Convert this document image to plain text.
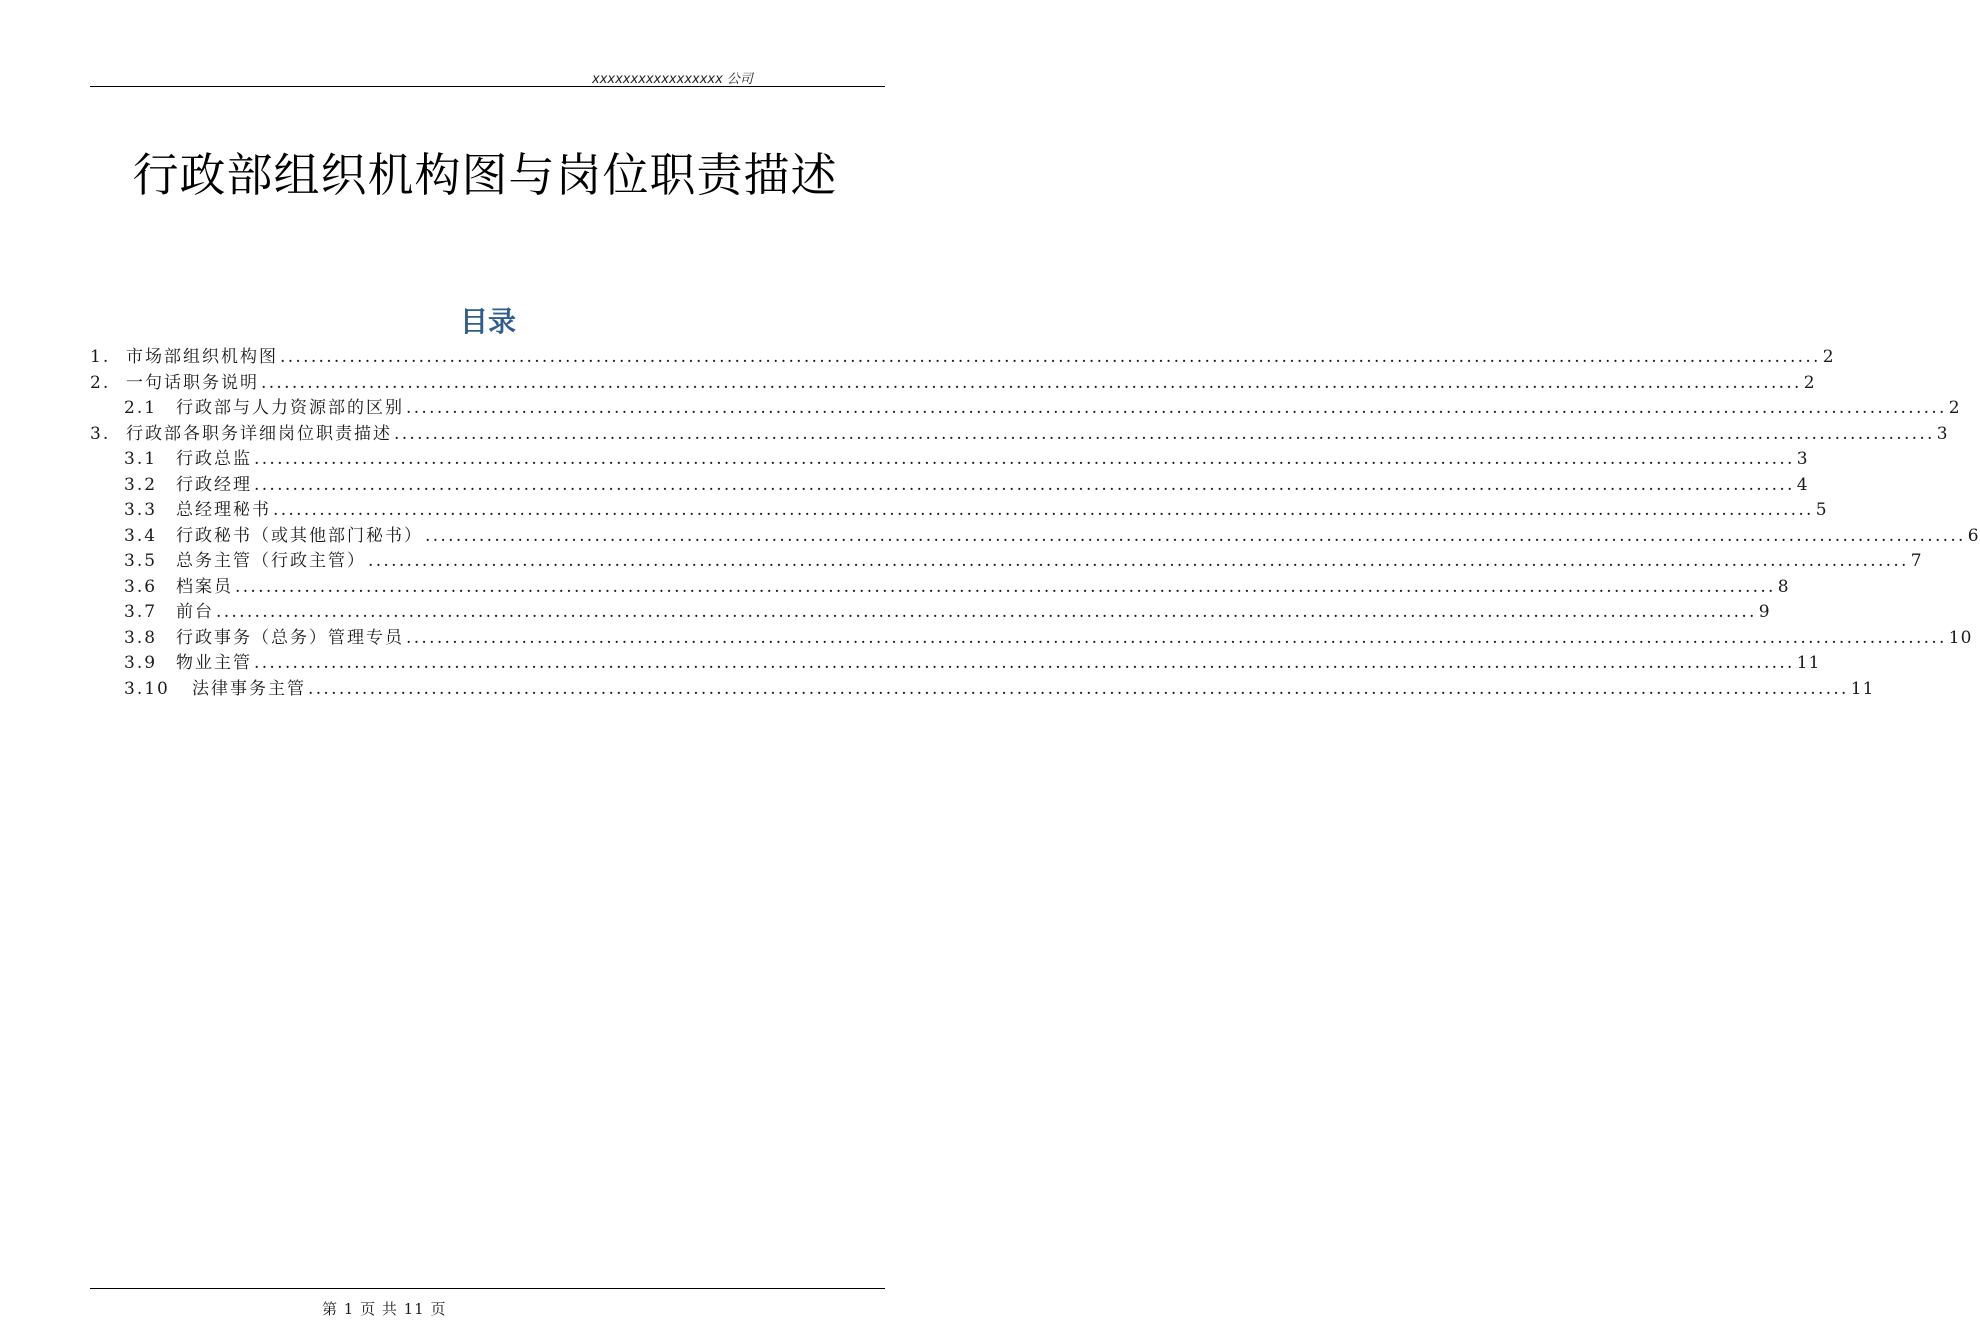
xxxxxxxxxxxxxxxxx 公司
行政部组织机构图与岗位职责描述
目录
1. 市场部组织机构图 ........................................................................................................................................................................................................ 2
2. 一句话职务说明 ........................................................................................................................................................................................................ 2
2.1	行政部与人力资源部的区别 ........................................................................................................................................................................................................ 2
3. 行政部各职务详细岗位职责描述 ........................................................................................................................................................................................................ 3
3.1	行政总监 ........................................................................................................................................................................................................ 3
3.2	行政经理 ........................................................................................................................................................................................................ 4
3.3	总经理秘书 ........................................................................................................................................................................................................ 5
3.4	行政秘书（或其他部门秘书） ........................................................................................................................................................................................................ 6
3.5	总务主管（行政主管） ........................................................................................................................................................................................................ 7
3.6	档案员 ........................................................................................................................................................................................................ 8
3.7	前台 ........................................................................................................................................................................................................ 9
3.8	行政事务（总务）管理专员 ........................................................................................................................................................................................................ 10
3.9	物业主管 ........................................................................................................................................................................................................ 11
3.10	法律事务主管 ........................................................................................................................................................................................................ 11
第 1 页 共 11 页
